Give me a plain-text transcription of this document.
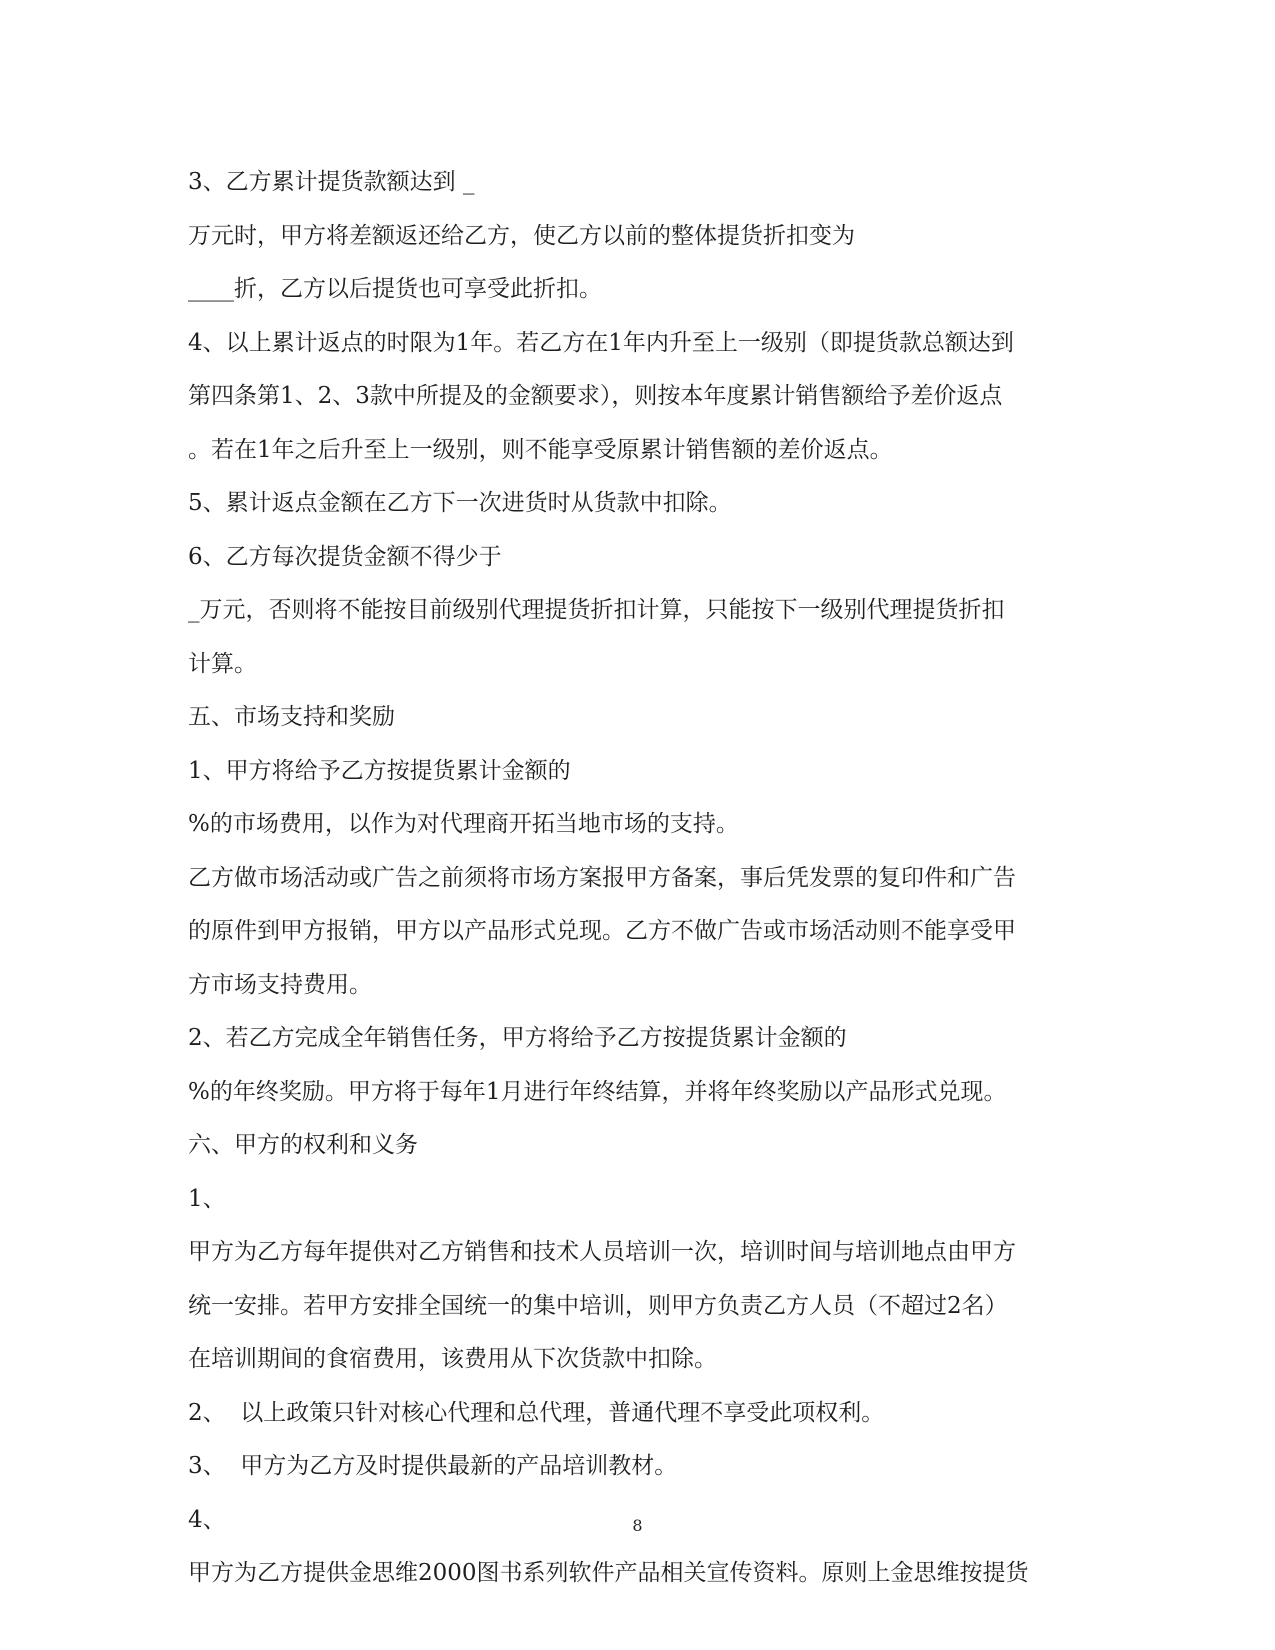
3、乙方累计提货款额达到 _
万元时，甲方将差额返还给乙方，使乙方以前的整体提货折扣变为
____折，乙方以后提货也可享受此折扣。
4、以上累计返点的时限为1年。若乙方在1年内升至上一级别（即提货款总额达到
第四条第1、2、3款中所提及的金额要求），则按本年度累计销售额给予差价返点
。若在1年之后升至上一级别，则不能享受原累计销售额的差价返点。
5、累计返点金额在乙方下一次进货时从货款中扣除。
6、乙方每次提货金额不得少于
_万元，否则将不能按目前级别代理提货折扣计算，只能按下一级别代理提货折扣
计算。
五、市场支持和奖励
1、甲方将给予乙方按提货累计金额的
%的市场费用，以作为对代理商开拓当地市场的支持。
乙方做市场活动或广告之前须将市场方案报甲方备案，事后凭发票的复印件和广告
的原件到甲方报销，甲方以产品形式兑现。乙方不做广告或市场活动则不能享受甲
方市场支持费用。
2、若乙方完成全年销售任务，甲方将给予乙方按提货累计金额的
%的年终奖励。甲方将于每年1月进行年终结算，并将年终奖励以产品形式兑现。
六、甲方的权利和义务
1、
甲方为乙方每年提供对乙方销售和技术人员培训一次，培训时间与培训地点由甲方
统一安排。若甲方安排全国统一的集中培训，则甲方负责乙方人员（不超过2名）
在培训期间的食宿费用，该费用从下次货款中扣除。
2、  以上政策只针对核心代理和总代理，普通代理不享受此项权利。
3、  甲方为乙方及时提供最新的产品培训教材。
4、
甲方为乙方提供金思维2000图书系列软件产品相关宣传资料。原则上金思维按提货
8
